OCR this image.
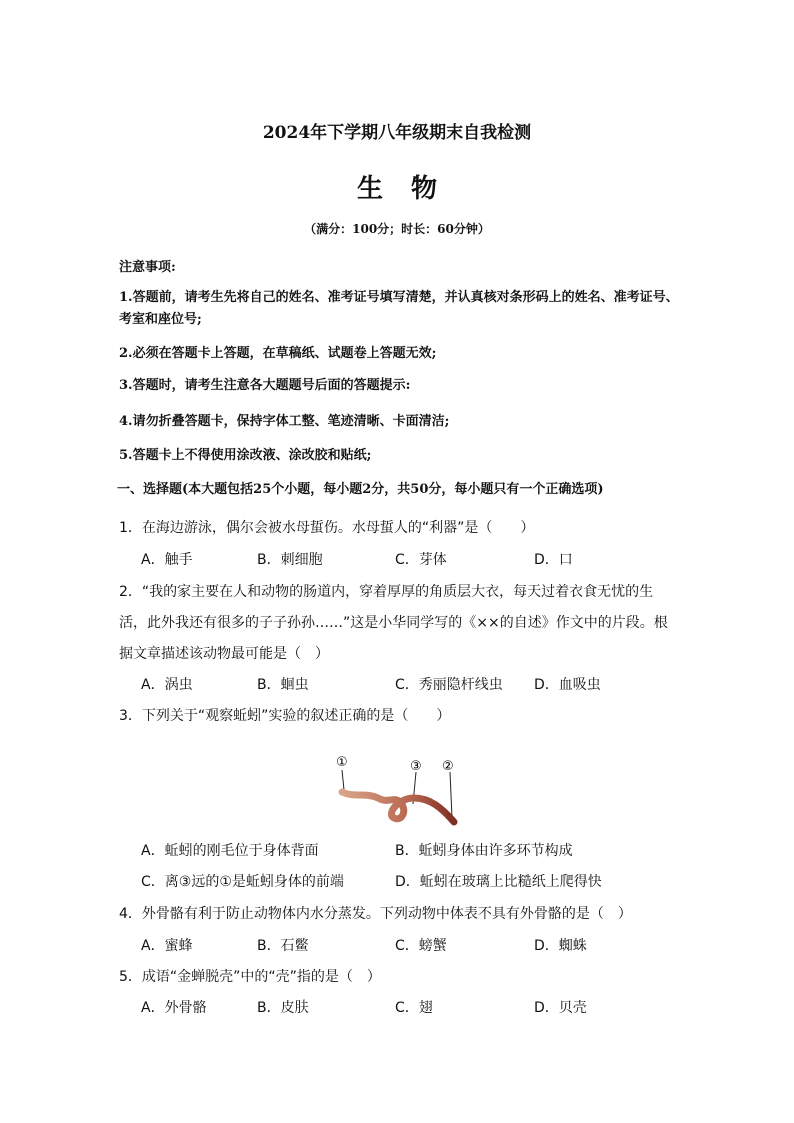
2024年下学期八年级期末自我检测
生物
（满分：100分；时长：60分钟）
注意事项:
1.答题前，请考生先将自己的姓名、准考证号填写清楚，并认真核对条形码上的姓名、准考证号、考室和座位号;
2.必须在答题卡上答题，在草稿纸、试题卷上答题无效;
3.答题时，请考生注意各大题题号后面的答题提示:
4.请勿折叠答题卡，保持字体工整、笔迹清晰、卡面清洁;
5.答题卡上不得使用涂改液、涂改胶和贴纸;
一、选择题(本大题包括25个小题，每小题2分，共50分，每小题只有一个正确选项)
1．在海边游泳，偶尔会被水母蜇伤。水母蜇人的“利器”是（　　）
A．触手	B．刺细胞	C．芽体	D．口
2．“我的家主要在人和动物的肠道内，穿着厚厚的角质层大衣，每天过着衣食无忧的生活，此外我还有很多的子子孙孙……”这是小华同学写的《××的自述》作文中的片段。根据文章描述该动物最可能是（　）
A．涡虫	B．蛔虫	C．秀丽隐杆线虫 D．血吸虫
3．下列关于“观察蚯蚓”实验的叙述正确的是（　　）
①	③ ②
A．蚯蚓的刚毛位于身体背面	B．蚯蚓身体由许多环节构成
C．离③远的①是蚯蚓身体的前端	D．蚯蚓在玻璃上比糙纸上爬得快
4．外骨骼有利于防止动物体内水分蒸发。下列动物中体表不具有外骨骼的是（　）
A．蜜蜂	B．石鳖	C．螃蟹	D．蜘蛛
5．成语“金蝉脱壳”中的“壳”指的是（　）
A．外骨骼	B．皮肤	C．翅	D．贝壳
